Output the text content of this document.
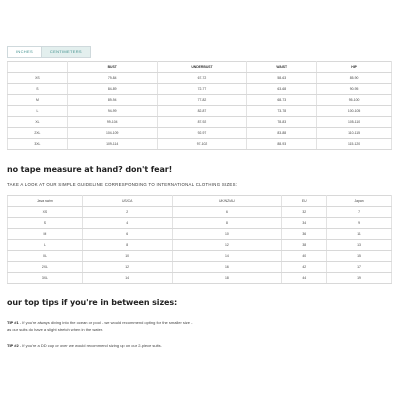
INCHES	CENTIMETERS
	BUST	UNDERBUST	WAIST	HIP
XS	79-84	67-72	58-63	85-90
S	84-89	72-77	63-68	90-95
M	89-94	77-82	68-73	95-100
L	94-99	82-87	73-78	100-105
XL	99-104	87-92	78-83	105-110
2XL	104-109	92-97	83-88	110-115
3XL	109-114	97-102	88-93	115-120
no tape measure at hand? don't fear!

TAKE A LOOK AT OUR SIMPLE GUIDELINE CORRESPONDING TO INTERNATIONAL CLOTHING SIZES:

Java swim	US/CA	UK/NZ/AU	EU	Japan
XS	2	6	32	7
S	4	8	34	9
M	6	10	36	11
L	8	12	38	13
XL	10	14	40	15
2XL	12	16	42	17
3XL	14	18	44	19
our top tips if you're in between sizes:

TIP #1 - If you're always diving into the ocean or pool - we would recommend opting for the smaller size -
as our suits do have a slight stretch when in the water.

TIP #2 - If you're a DD cup or over we would recommend sizing up on our 2-piece suits.
